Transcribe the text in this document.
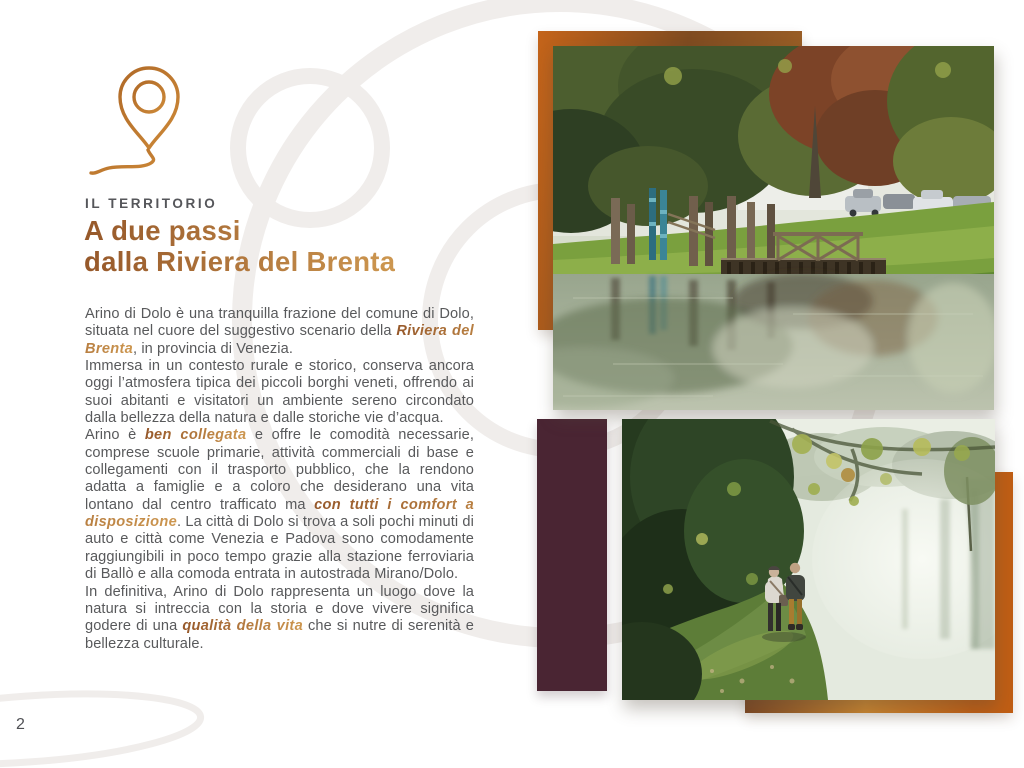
IL TERRITORIO
A due passi
dalla Riviera del Brenta

Arino di Dolo è una tranquilla frazione del comune di Dolo, situata nel cuore del suggestivo scenario della Riviera del Brenta, in provincia di Venezia.

Immersa in un contesto rurale e storico, conserva ancora oggi l’atmosfera tipica dei piccoli borghi veneti, offrendo ai suoi abitanti e visitatori un ambiente sereno circondato dalla bellezza della natura e dalle storiche vie d’acqua.

Arino è ben collegata e offre le comodità necessarie, comprese scuole primarie, attività commerciali di base e collegamenti con il trasporto pubblico, che la rendono adatta a famiglie e a coloro che desiderano una vita lontano dal centro trafficato ma con tutti i comfort a disposizione. La città di Dolo si trova a soli pochi minuti di auto e città come Venezia e Padova sono comodamente raggiungibili in poco tempo grazie alla stazione ferroviaria di Ballò e alla comoda entrata in autostrada Mirano/Dolo.

In definitiva, Arino di Dolo rappresenta un luogo dove la natura si intreccia con la storia e dove vivere significa godere di una qualità della vita che si nutre di serenità e bellezza culturale.

2
